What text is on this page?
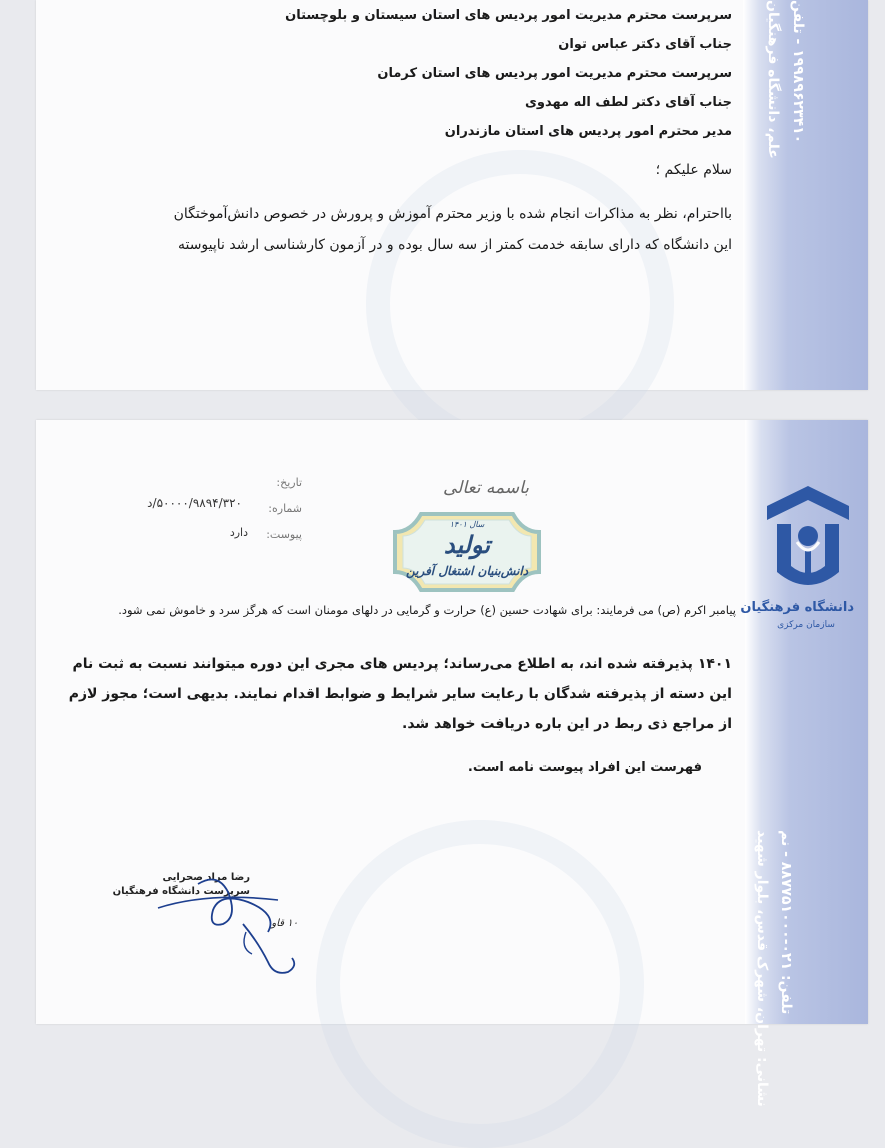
علم، دانشگاه فرهنگیان ۱۹۹۸۹۶۲۳۴۱۰ - تلفن
سرپرست محترم مدیریت امور پردیس های استان سیستان و بلوچستان
جناب آقای دکتر عباس توان
سرپرست محترم مدیریت امور پردیس های استان کرمان
جناب آقای دکتر لطف اله مهدوی
مدیر محترم امور پردیس های استان مازندران
سلام علیکم ؛
بااحترام، نظر به مذاکرات انجام شده با وزیر محترم آموزش و پرورش در خصوص دانش‌آموختگان
این دانشگاه که دارای سابقه خدمت کمتر از سه سال بوده و در آزمون کارشناسی ارشد ناپیوسته
نشانی: تهران، شهرک قدس، بلوار شهید تلفن: ۰۲۱-۸۸۷۷۵۱۰۰۰ - نم
دانشگاه فرهنگیان
سازمان مرکزی
تاریخ:
شماره:
۵۰۰۰۰/۹۸۹۴/۳۲۰/د
پیوست:
دارد
باسمه تعالی
سال ۱۴۰۱
تولید
دانش‌بنیان اشتغال آفرین
پیامبر اکرم (ص) می فرمایند: برای شهادت حسین (ع) حرارت و گرمایی در دلهای مومنان است که هرگز سرد و خاموش نمی شود.
۱۴۰۱ پذیرفته شده اند، به اطلاع می‌رساند؛ پردیس های مجری این دوره میتوانند نسبت به ثبت نام
این دسته از پذیرفته شدگان با رعایت سایر شرایط و ضوابط اقدام نمایند. بدیهی است؛ مجوز لازم
از مراجع ذی ربط در این باره دریافت خواهد شد.
فهرست این افراد پیوست نامه است.
رضا مراد صحرایی
سرپرست دانشگاه فرهنگیان
۱۰ قاو
